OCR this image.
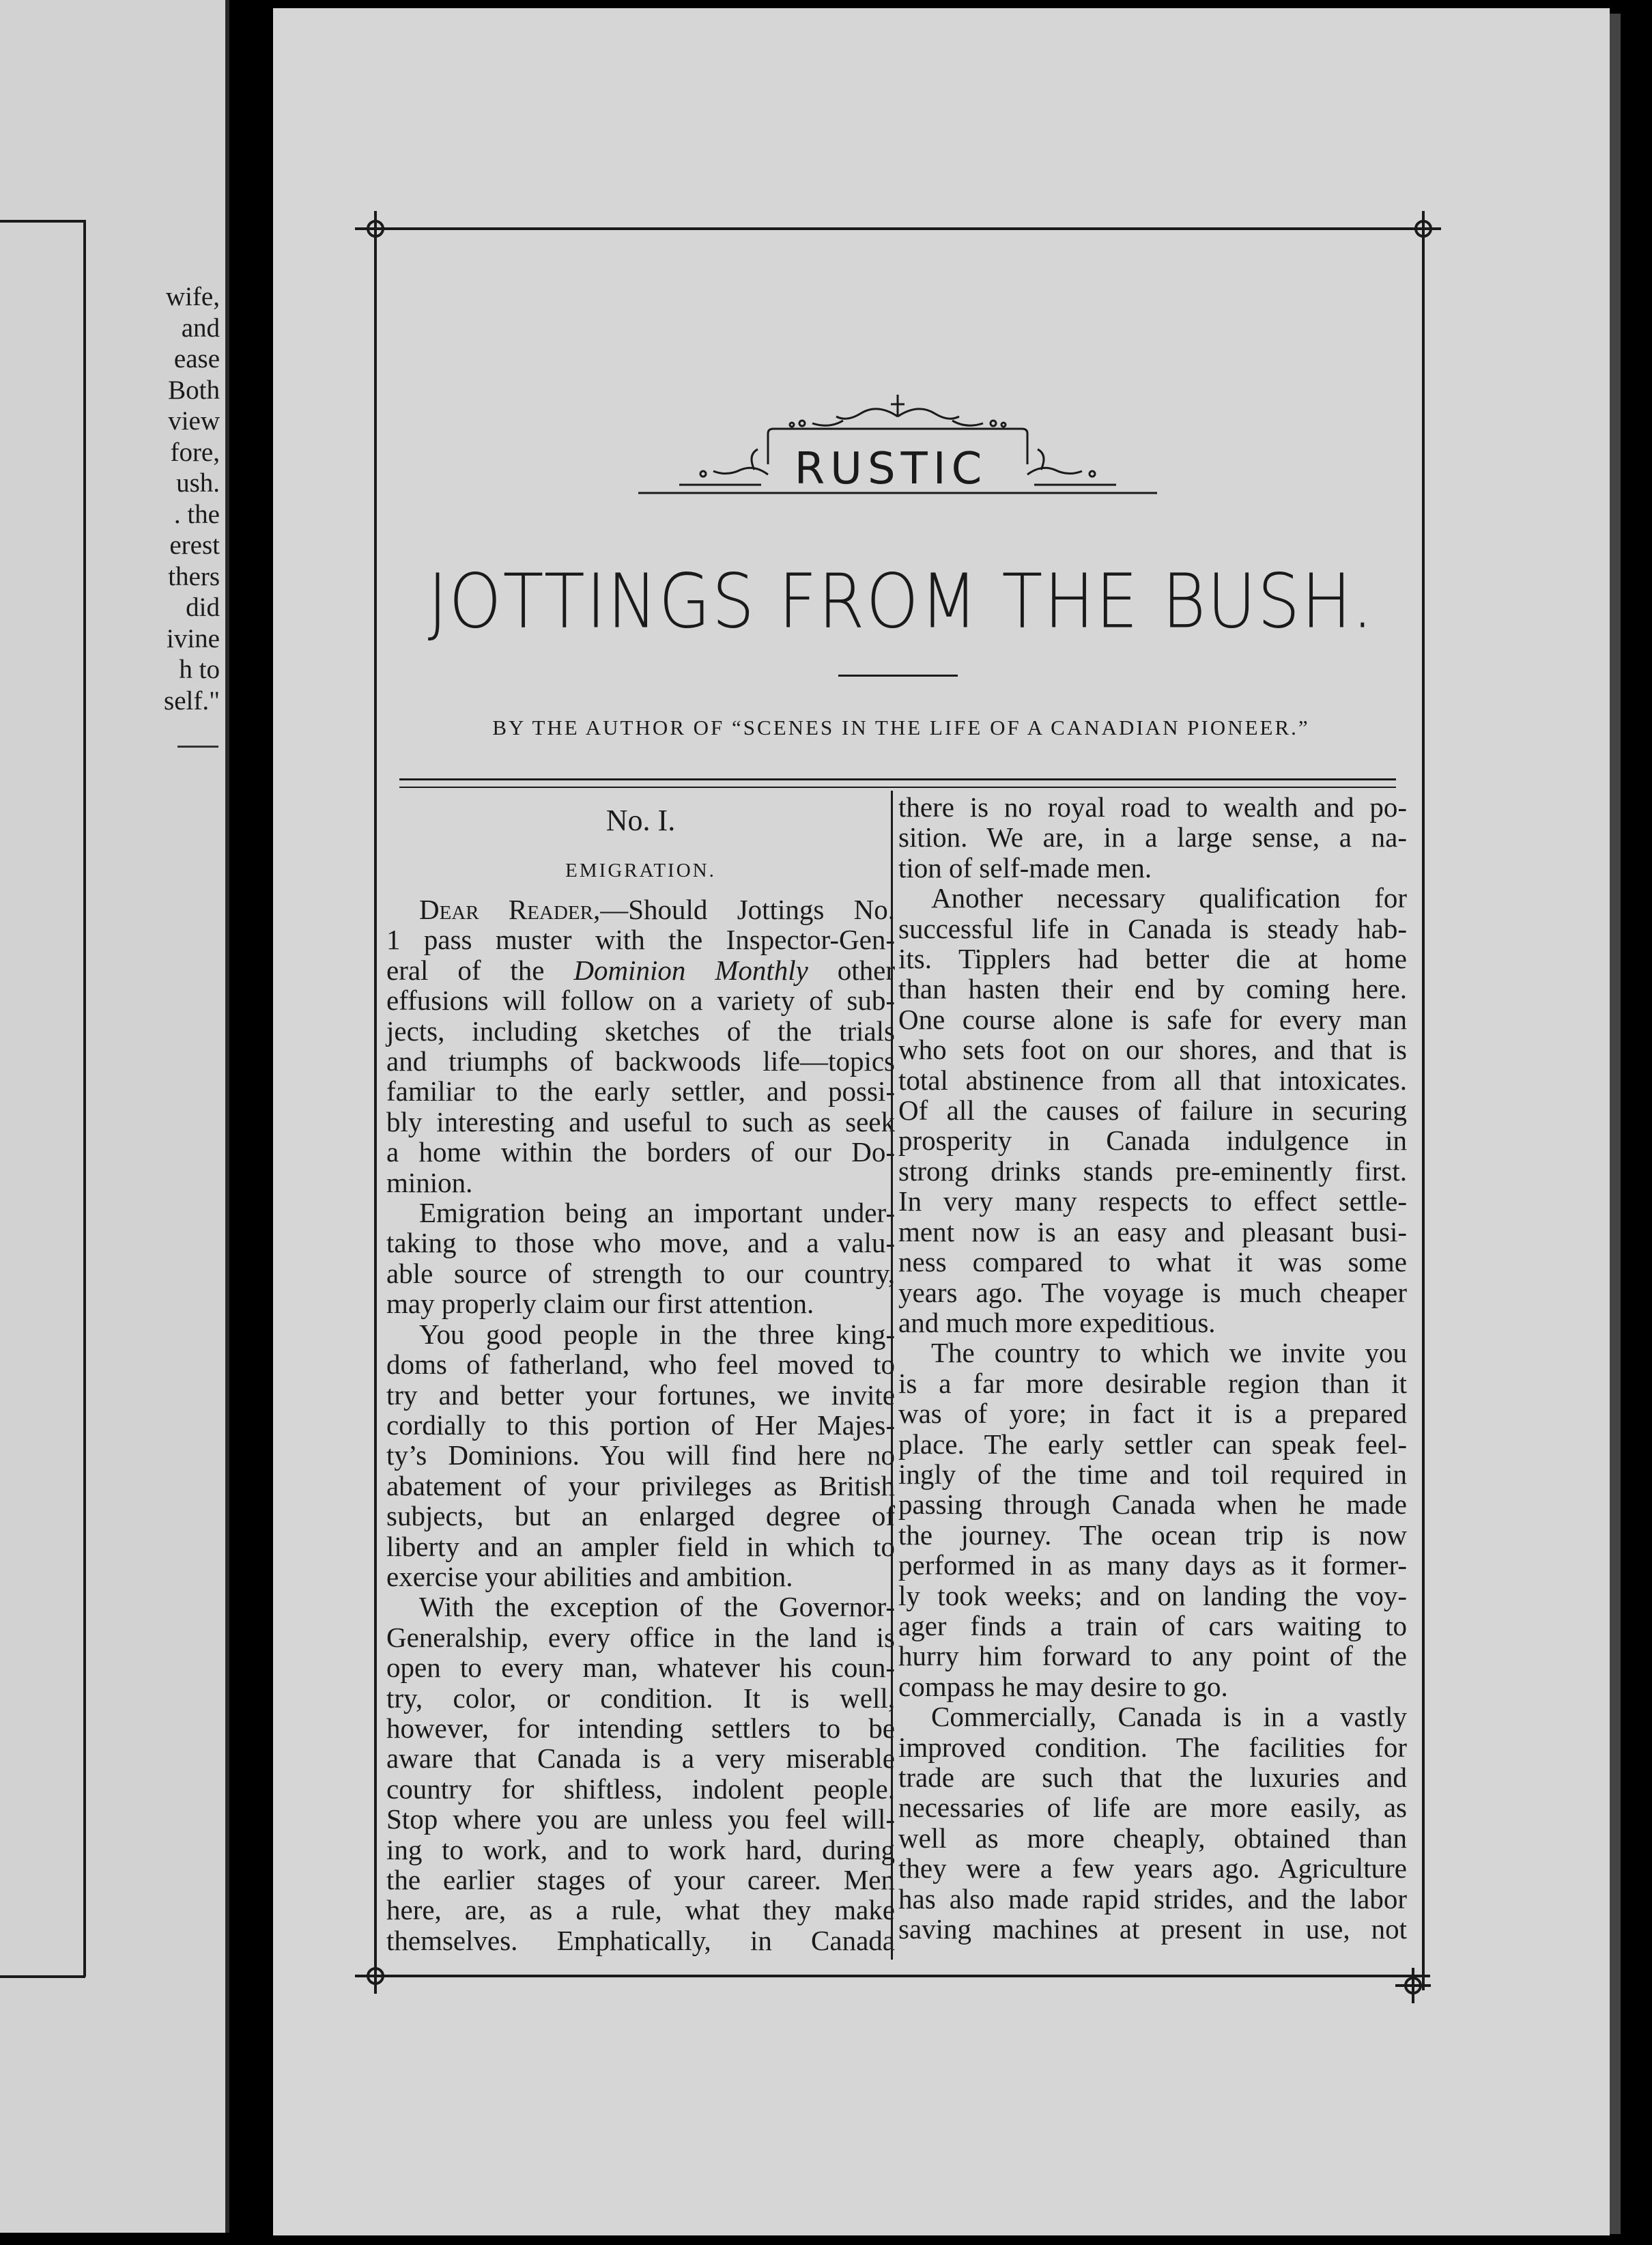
wife,
and
ease
Both
view
fore,
ush.
. the
erest
thers
did
ivine
h to
self."
RUSTIC
JOTTINGS FROM THE BUSH.
BY THE AUTHOR OF “SCENES IN THE LIFE OF A CANADIAN PIONEER.”
No. I.
EMIGRATION.
Dear Reader,—Should Jottings No.
1 pass muster with the Inspector-Gen-
eral of the Dominion Monthly other
effusions will follow on a variety of sub-
jects, including sketches of the trials
and triumphs of backwoods life—topics
familiar to the early settler, and possi-
bly interesting and useful to such as seek
a home within the borders of our Do-
minion.
Emigration being an important under-
taking to those who move, and a valu-
able source of strength to our country,
may properly claim our first attention.
You good people in the three king-
doms of fatherland, who feel moved to
try and better your fortunes, we invite
cordially to this portion of Her Majes-
ty’s Dominions. You will find here no
abatement of your privileges as British
subjects, but an enlarged degree of
liberty and an ampler field in which to
exercise your abilities and ambition.
With the exception of the Governor-
Generalship, every office in the land is
open to every man, whatever his coun-
try, color, or condition. It is well,
however, for intending settlers to be
aware that Canada is a very miserable
country for shiftless, indolent people.
Stop where you are unless you feel will-
ing to work, and to work hard, during
the earlier stages of your career. Men
here, are, as a rule, what they make
themselves. Emphatically, in Canada
there is no royal road to wealth and po-
sition. We are, in a large sense, a na-
tion of self-made men.
Another necessary qualification for
successful life in Canada is steady hab-
its. Tipplers had better die at home
than hasten their end by coming here.
One course alone is safe for every man
who sets foot on our shores, and that is
total abstinence from all that intoxicates.
Of all the causes of failure in securing
prosperity in Canada indulgence in
strong drinks stands pre-eminently first.
In very many respects to effect settle-
ment now is an easy and pleasant busi-
ness compared to what it was some
years ago. The voyage is much cheaper
and much more expeditious.
The country to which we invite you
is a far more desirable region than it
was of yore; in fact it is a prepared
place. The early settler can speak feel-
ingly of the time and toil required in
passing through Canada when he made
the journey. The ocean trip is now
performed in as many days as it former-
ly took weeks; and on landing the voy-
ager finds a train of cars waiting to
hurry him forward to any point of the
compass he may desire to go.
Commercially, Canada is in a vastly
improved condition. The facilities for
trade are such that the luxuries and
necessaries of life are more easily, as
well as more cheaply, obtained than
they were a few years ago. Agriculture
has also made rapid strides, and the labor
saving machines at present in use, not
